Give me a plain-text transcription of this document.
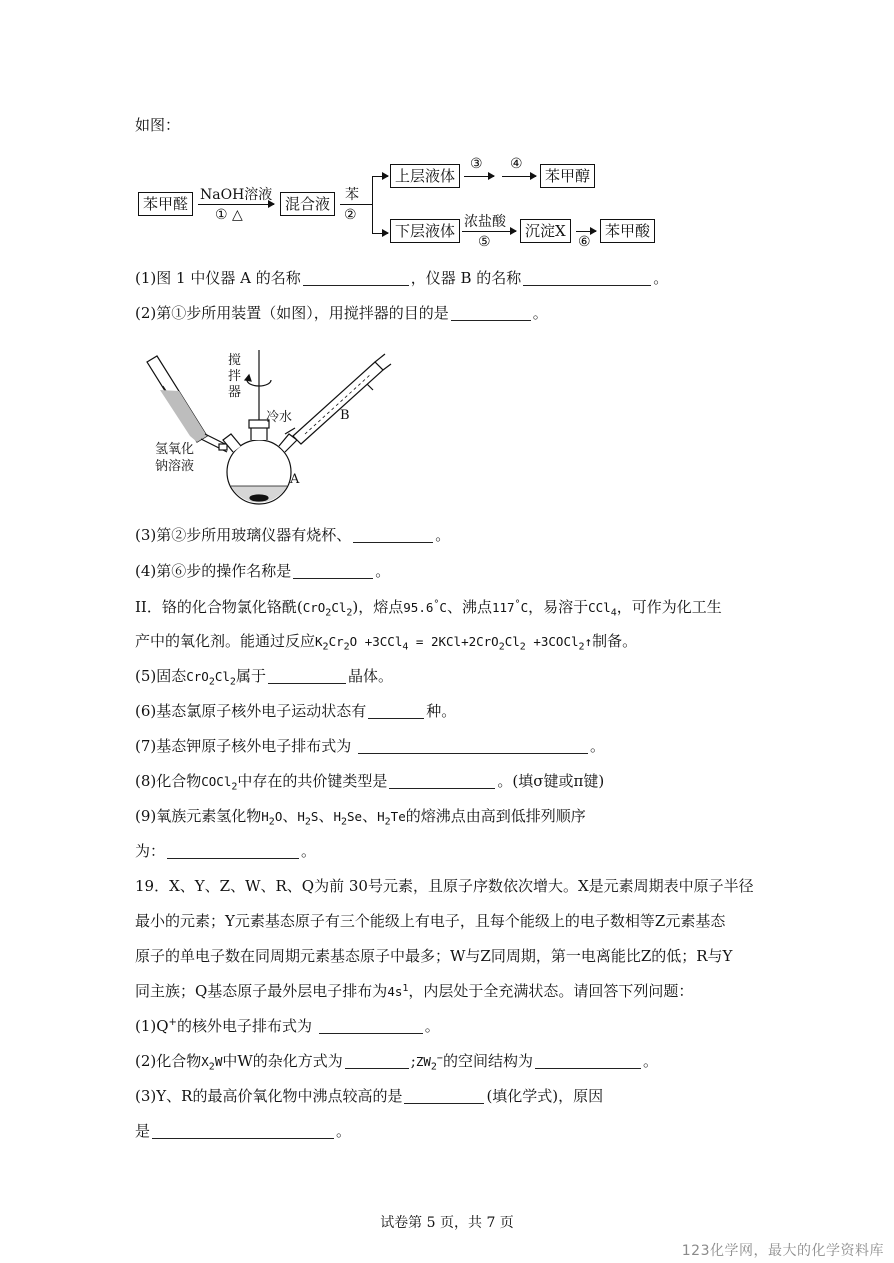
如图：
苯甲醛 NaOH溶液
① △
混合液	苯
②
上层液体
③ ④
苯甲醇
下层液体 浓盐酸
⑤
沉淀X
⑥
苯甲酸
(1)图 1 中仪器 A 的名称	，仪器 B 的名称	。
(2)第①步所用装置（如图），用搅拌器的目的是	。
搅拌器
冷水
氢氧化
钠溶液
A
B
(3)第②步所用玻璃仪器有烧杯、	。
(4)第⑥步的操作名称是	。
II．铬的化合物氯化铬酰$(CrO_2Cl_2)$，熔点95.6°C、沸点117°C，易溶于CCl$_4$，可作为化工生
产中的氧化剂。能通过反应$K_2Cr_2O +3CCl_4 = 2KCl+2CrO_2Cl_2$ +3COCl$_2$↑制备。
(5)固态$CrO_2Cl_2$属于	晶体。
(6)基态氯原子核外电子运动状态有	种。
(7)基态钾原子核外电子排布式为	。
(8)化合物COCl$_2$中存在的共价键类型是	。(填σ键或π键)
(9)氧族元素氢化物$H_2O$、$H_2S$、$H_2Se$、$H_2Te$的熔沸点由高到低排列顺序
为：	。
19．X、Y、Z、W、R、Q为前 30号元素，且原子序数依次增大。X是元素周期表中原子半径
最小的元素；Y元素基态原子有三个能级上有电子，且每个能级上的电子数相等Z元素基态
原子的单电子数在同周期元素基态原子中最多；W与Z同周期，第一电离能比Z的低；R与Y
同主族；Q基态原子最外层电子排布为$4s^1$，内层处于全充满状态。请回答下列问题：
(1)Q+的核外电子排布式为	。
(2)化合物$X_2W$中W的杂化方式为	$;ZW_2^-$的空间结构为	。
(3)Y、R的最高价氧化物中沸点较高的是	(填化学式)，原因
是	。
试卷第 5 页，共 7 页
123化学网，最大的化学资料库
